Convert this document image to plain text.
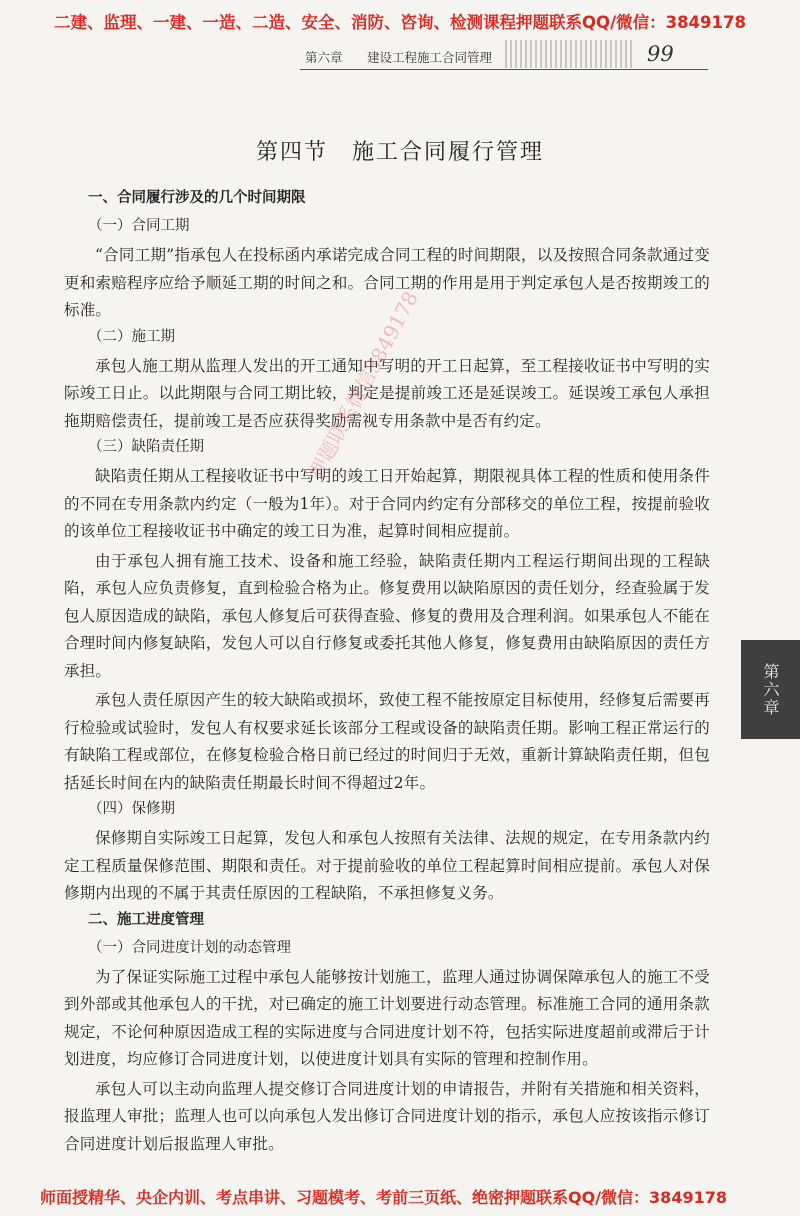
二建、监理、一建、一造、二造、安全、消防、咨询、检测课程押题联系QQ/微信：3849178
第六章 建设工程施工合同管理	99
第四节　施工合同履行管理
一、合同履行涉及的几个时间期限
（一）合同工期
“合同工期”指承包人在投标函内承诺完成合同工程的时间期限，以及按照合同条款通过变更和索赔程序应给予顺延工期的时间之和。合同工期的作用是用于判定承包人是否按期竣工的标准。
（二）施工期
承包人施工期从监理人发出的开工通知中写明的开工日起算，至工程接收证书中写明的实际竣工日止。以此期限与合同工期比较，判定是提前竣工还是延误竣工。延误竣工承包人承担拖期赔偿责任，提前竣工是否应获得奖励需视专用条款中是否有约定。
（三）缺陷责任期
缺陷责任期从工程接收证书中写明的竣工日开始起算，期限视具体工程的性质和使用条件的不同在专用条款内约定（一般为1年）。对于合同内约定有分部移交的单位工程，按提前验收的该单位工程接收证书中确定的竣工日为准，起算时间相应提前。
由于承包人拥有施工技术、设备和施工经验，缺陷责任期内工程运行期间出现的工程缺陷，承包人应负责修复，直到检验合格为止。修复费用以缺陷原因的责任划分，经查验属于发包人原因造成的缺陷，承包人修复后可获得查验、修复的费用及合理利润。如果承包人不能在合理时间内修复缺陷，发包人可以自行修复或委托其他人修复，修复费用由缺陷原因的责任方承担。
承包人责任原因产生的较大缺陷或损坏，致使工程不能按原定目标使用，经修复后需要再行检验或试验时，发包人有权要求延长该部分工程或设备的缺陷责任期。影响工程正常运行的有缺陷工程或部位，在修复检验合格日前已经过的时间归于无效，重新计算缺陷责任期，但包括延长时间在内的缺陷责任期最长时间不得超过2年。
（四）保修期
保修期自实际竣工日起算，发包人和承包人按照有关法律、法规的规定，在专用条款内约定工程质量保修范围、期限和责任。对于提前验收的单位工程起算时间相应提前。承包人对保修期内出现的不属于其责任原因的工程缺陷，不承担修复义务。
二、施工进度管理
（一）合同进度计划的动态管理
为了保证实际施工过程中承包人能够按计划施工，监理人通过协调保障承包人的施工不受到外部或其他承包人的干扰，对已确定的施工计划要进行动态管理。标准施工合同的通用条款规定，不论何种原因造成工程的实际进度与合同进度计划不符，包括实际进度超前或滞后于计划进度，均应修订合同进度计划，以使进度计划具有实际的管理和控制作用。
承包人可以主动向监理人提交修订合同进度计划的申请报告，并附有关措施和相关资料，报监理人审批；监理人也可以向承包人发出修订合同进度计划的指示，承包人应按该指示修订合同进度计划后报监理人审批。
第六章
押题联系微信3849178
师面授精华、央企内训、考点串讲、习题模考、考前三页纸、绝密押题联系QQ/微信：3849178
